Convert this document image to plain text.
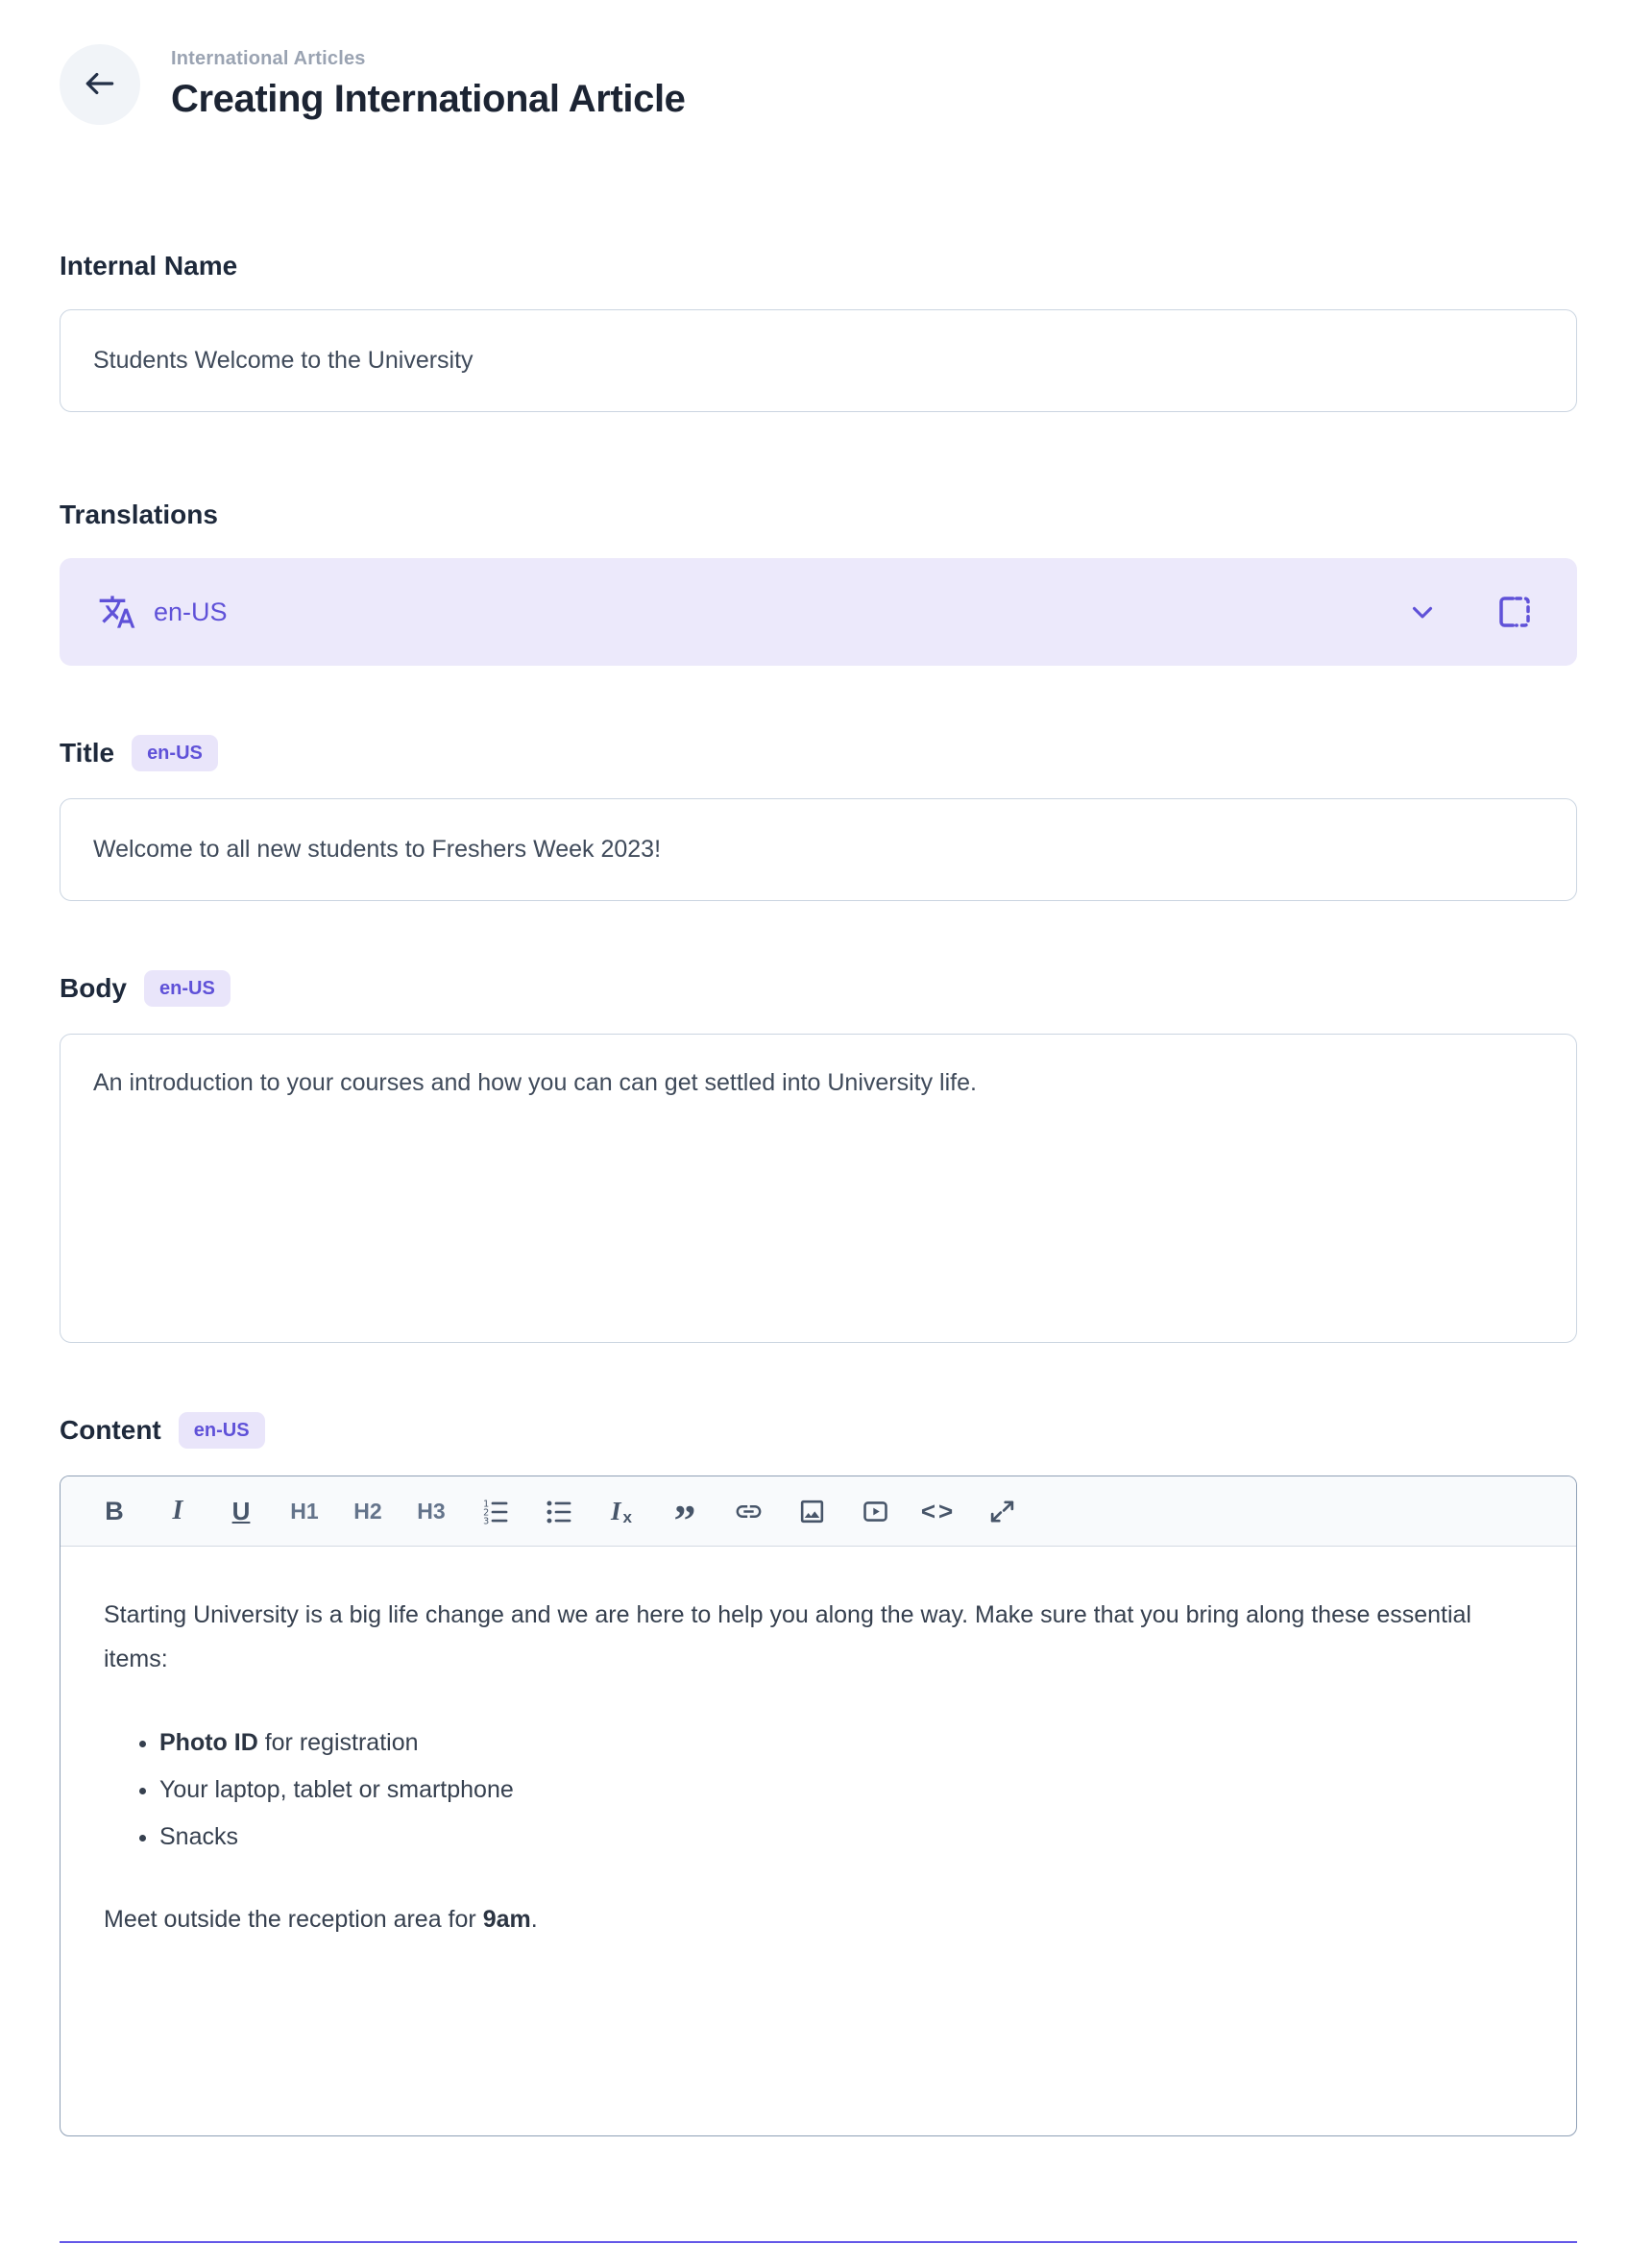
International Articles
Creating International Article
Internal Name
Students Welcome to the University
Translations
en-US
Title	en-US
Welcome to all new students to Freshers Week 2023!
Body	en-US
An introduction to your courses and how you can can get settled into University life.
Content	en-US
B	I	U	H1	H2	H3	1
2
3	I x ”	<>

Starting University is a big life change and we are here to help you along the way. Make sure that you bring along these essential items:

• Photo ID for registration
• Your laptop, tablet or smartphone
• Snacks

Meet outside the reception area for 9am.
